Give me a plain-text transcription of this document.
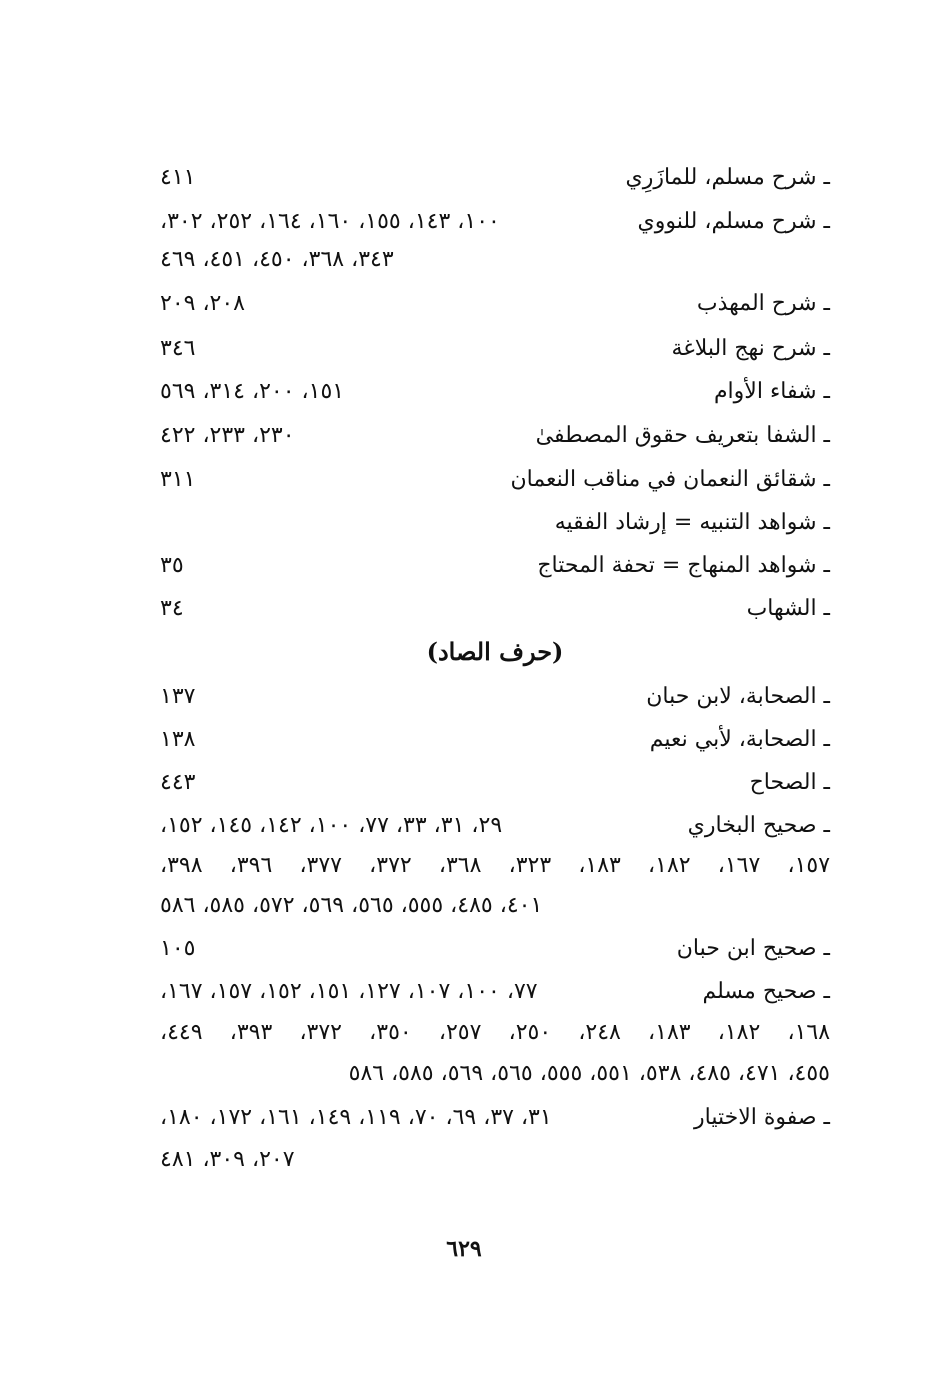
ـ شرح مسلم، للمازَرِي
٤١١
ـ شرح مسلم، للنووي
١٠٠، ١٤٣، ١٥٥، ١٦٠، ١٦٤، ٢٥٢، ٣٠٢،
٣٤٣، ٣٦٨، ٤٥٠، ٤٥١، ٤٦٩
ـ شرح المهذب
٢٠٨، ٢٠٩
ـ شرح نهج البلاغة
٣٤٦
ـ شفاء الأوام
١٥١، ٢٠٠، ٣١٤، ٥٦٩
ـ الشفا بتعريف حقوق المصطفىٰ
٢٣٠، ٢٣٣، ٤٢٢
ـ شقائق النعمان في مناقب النعمان
٣١١
ـ شواهد التنبيه = إرشاد الفقيه
ـ شواهد المنهاج = تحفة المحتاج
٣٥
ـ الشهاب
٣٤
(حرف الصاد)
ـ الصحابة، لابن حبان
١٣٧
ـ الصحابة، لأبي نعيم
١٣٨
ـ الصحاح
٤٤٣
ـ صحيح البخاري
٢٩، ٣١، ٣٣، ٧٧، ١٠٠، ١٤٢، ١٤٥، ١٥٢،
١٥٧، ١٦٧، ١٨٢، ١٨٣، ٣٢٣، ٣٦٨، ٣٧٢، ٣٧٧، ٣٩٦، ٣٩٨،
٤٠١، ٤٨٥، ٥٥٥، ٥٦٥، ٥٦٩، ٥٧٢، ٥٨٥، ٥٨٦
ـ صحيح ابن حبان
١٠٥
ـ صحيح مسلم
٧٧، ١٠٠، ١٠٧، ١٢٧، ١٥١، ١٥٢، ١٥٧، ١٦٧،
١٦٨، ١٨٢، ١٨٣، ٢٤٨، ٢٥٠، ٢٥٧، ٣٥٠، ٣٧٢، ٣٩٣، ٤٤٩،
٤٥٥، ٤٧١، ٤٨٥، ٥٣٨، ٥٥١، ٥٥٥، ٥٦٥، ٥٦٩، ٥٨٥، ٥٨٦
ـ صفوة الاختيار
٣١، ٣٧، ٦٩، ٧٠، ١١٩، ١٤٩، ١٦١، ١٧٢، ١٨٠،
٢٠٧، ٣٠٩، ٤٨١
٦٢٩
